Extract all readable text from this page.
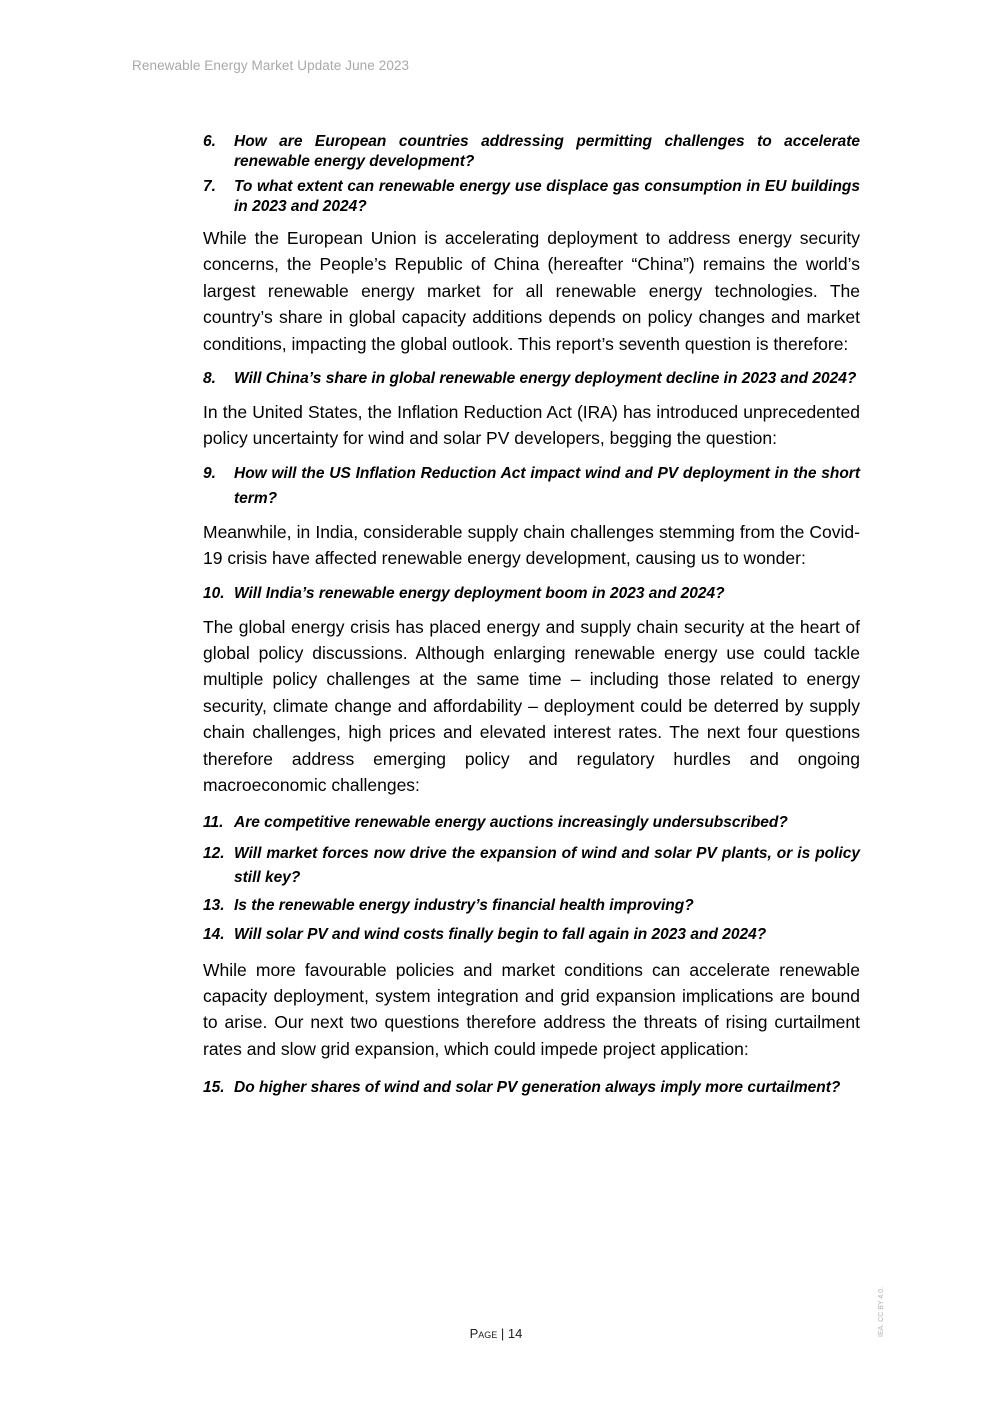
Renewable Energy Market Update June 2023
6.	How are European countries addressing permitting challenges to accelerate renewable energy development?
7.	To what extent can renewable energy use displace gas consumption in EU buildings in 2023 and 2024?

While the European Union is accelerating deployment to address energy security concerns, the People’s Republic of China (hereafter “China”) remains the world’s largest renewable energy market for all renewable energy technologies. The country’s share in global capacity additions depends on policy changes and market conditions, impacting the global outlook. This report’s seventh question is therefore:

8.	Will China’s share in global renewable energy deployment decline in 2023 and 2024?

In the United States, the Inflation Reduction Act (IRA) has introduced unprecedented policy uncertainty for wind and solar PV developers, begging the question:

9.	How will the US Inflation Reduction Act impact wind and PV deployment in the short term?

Meanwhile, in India, considerable supply chain challenges stemming from the Covid-19 crisis have affected renewable energy development, causing us to wonder:

10. Will India’s renewable energy deployment boom in 2023 and 2024?

The global energy crisis has placed energy and supply chain security at the heart of global policy discussions. Although enlarging renewable energy use could tackle multiple policy challenges at the same time – including those related to energy security, climate change and affordability – deployment could be deterred by supply chain challenges, high prices and elevated interest rates. The next four questions therefore address emerging policy and regulatory hurdles and ongoing macroeconomic challenges:

11. Are competitive renewable energy auctions increasingly undersubscribed?
12. Will market forces now drive the expansion of wind and solar PV plants, or is policy still key?
13. Is the renewable energy industry’s financial health improving?
14. Will solar PV and wind costs finally begin to fall again in 2023 and 2024?

While more favourable policies and market conditions can accelerate renewable capacity deployment, system integration and grid expansion implications are bound to arise. Our next two questions therefore address the threats of rising curtailment rates and slow grid expansion, which could impede project application:

15. Do higher shares of wind and solar PV generation always imply more curtailment?
IEA. CC BY 4.0.
Page | 14
